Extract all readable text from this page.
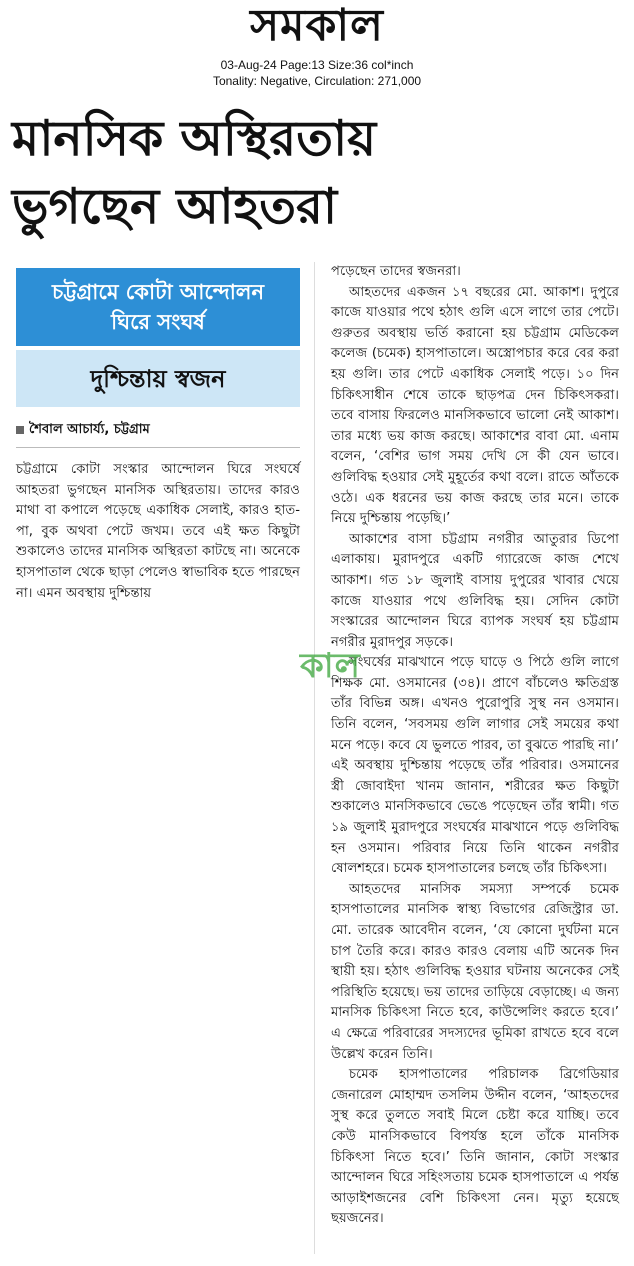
সমকাল
03-Aug-24 Page:13 Size:36 col*inch
Tonality: Negative, Circulation: 271,000
মানসিক অস্থিরতায়
ভুগছেন আহতরা
চট্টগ্রামে কোটা আন্দোলন
ঘিরে সংঘর্ষ
দুশ্চিন্তায় স্বজন
শৈবাল আচার্য্য, চট্টগ্রাম

চট্টগ্রামে কোটা সংস্কার আন্দোলন ঘিরে সংঘর্ষে আহতরা ভুগছেন মানসিক অস্থিরতায়। তাদের কারও মাথা বা কপালে পড়েছে একাধিক সেলাই, কারও হাত-পা, বুক অথবা পেটে জখম। তবে এই ক্ষত কিছুটা শুকালেও তাদের মানসিক অস্থিরতা কাটছে না। অনেকে হাসপাতাল থেকে ছাড়া পেলেও স্বাভাবিক হতে পারছেন না। এমন অবস্থায় দুশ্চিন্তায়

পড়েছেন তাদের স্বজনরা।

আহতদের একজন ১৭ বছরের মো. আকাশ। দুপুরে কাজে যাওয়ার পথে হঠাৎ গুলি এসে লাগে তার পেটে। গুরুতর অবস্থায় ভর্তি করানো হয় চট্টগ্রাম মেডিকেল কলেজ (চমেক) হাসপাতালে। অস্ত্রোপচার করে বের করা হয় গুলি। তার পেটে একাধিক সেলাই পড়ে। ১০ দিন চিকিৎসাধীন শেষে তাকে ছাড়পত্র দেন চিকিৎসকরা। তবে বাসায় ফিরলেও মানসিকভাবে ভালো নেই আকাশ। তার মধ্যে ভয় কাজ করছে। আকাশের বাবা মো. এনাম বলেন, ‘বেশির ভাগ সময় দেখি সে কী যেন ভাবে। গুলিবিদ্ধ হওয়ার সেই মুহূর্তের কথা বলে। রাতে আঁতকে ওঠে। এক ধরনের ভয় কাজ করছে তার মনে। তাকে নিয়ে দুশ্চিন্তায় পড়েছি।’

আকাশের বাসা চট্টগ্রাম নগরীর আতুরার ডিপো এলাকায়। মুরাদপুরে একটি গ্যারেজে কাজ শেখে আকাশ। গত ১৮ জুলাই বাসায় দুপুরের খাবার খেয়ে কাজে যাওয়ার পথে গুলিবিদ্ধ হয়। সেদিন কোটা সংস্কারের আন্দোলন ঘিরে ব্যাপক সংঘর্ষ হয় চট্টগ্রাম নগরীর মুরাদপুর সড়কে।

সংঘর্ষের মাঝখানে পড়ে ঘাড়ে ও পিঠে গুলি লাগে শিক্ষক মো. ওসমানের (৩৪)। প্রাণে বাঁচলেও ক্ষতিগ্রস্ত তাঁর বিভিন্ন অঙ্গ। এখনও পুরোপুরি সুস্থ নন ওসমান। তিনি বলেন, ‘সবসময় গুলি লাগার সেই সময়ের কথা মনে পড়ে। কবে যে ভুলতে পারব, তা বুঝতে পারছি না।’ এই অবস্থায় দুশ্চিন্তায় পড়েছে তাঁর পরিবার। ওসমানের স্ত্রী জোবাইদা খানম জানান, শরীরের ক্ষত কিছুটা শুকালেও মানসিকভাবে ভেঙে পড়েছেন তাঁর স্বামী। গত ১৯ জুলাই মুরাদপুরে সংঘর্ষের মাঝখানে পড়ে গুলিবিদ্ধ হন ওসমান। পরিবার নিয়ে তিনি থাকেন নগরীর ষোলশহরে। চমেক হাসপাতালের চলছে তাঁর চিকিৎসা।

আহতদের মানসিক সমস্যা সম্পর্কে চমেক হাসপাতালের মানসিক স্বাস্থ্য বিভাগের রেজিস্ট্রার ডা. মো. তারেক আবেদীন বলেন, ‘যে কোনো দুর্ঘটনা মনে চাপ তৈরি করে। কারও কারও বেলায় এটি অনেক দিন স্থায়ী হয়। হঠাৎ গুলিবিদ্ধ হওয়ার ঘটনায় অনেকের সেই পরিস্থিতি হয়েছে। ভয় তাদের তাড়িয়ে বেড়াচ্ছে। এ জন্য মানসিক চিকিৎসা নিতে হবে, কাউন্সেলিং করতে হবে।’ এ ক্ষেত্রে পরিবারের সদস্যদের ভূমিকা রাখতে হবে বলে উল্লেখ করেন তিনি।

চমেক হাসপাতালের পরিচালক ব্রিগেডিয়ার জেনারেল মোহাম্মদ তসলিম উদ্দীন বলেন, ‘আহতদের সুস্থ করে তুলতে সবাই মিলে চেষ্টা করে যাচ্ছি। তবে কেউ মানসিকভাবে বিপর্যস্ত হলে তাঁকে মানসিক চিকিৎসা নিতে হবে।’ তিনি জানান, কোটা সংস্কার আন্দোলন ঘিরে সহিংসতায় চমেক হাসপাতালে এ পর্যন্ত আড়াইশজনের বেশি চিকিৎসা নেন। মৃত্যু হয়েছে ছয়জনের।

কাল
